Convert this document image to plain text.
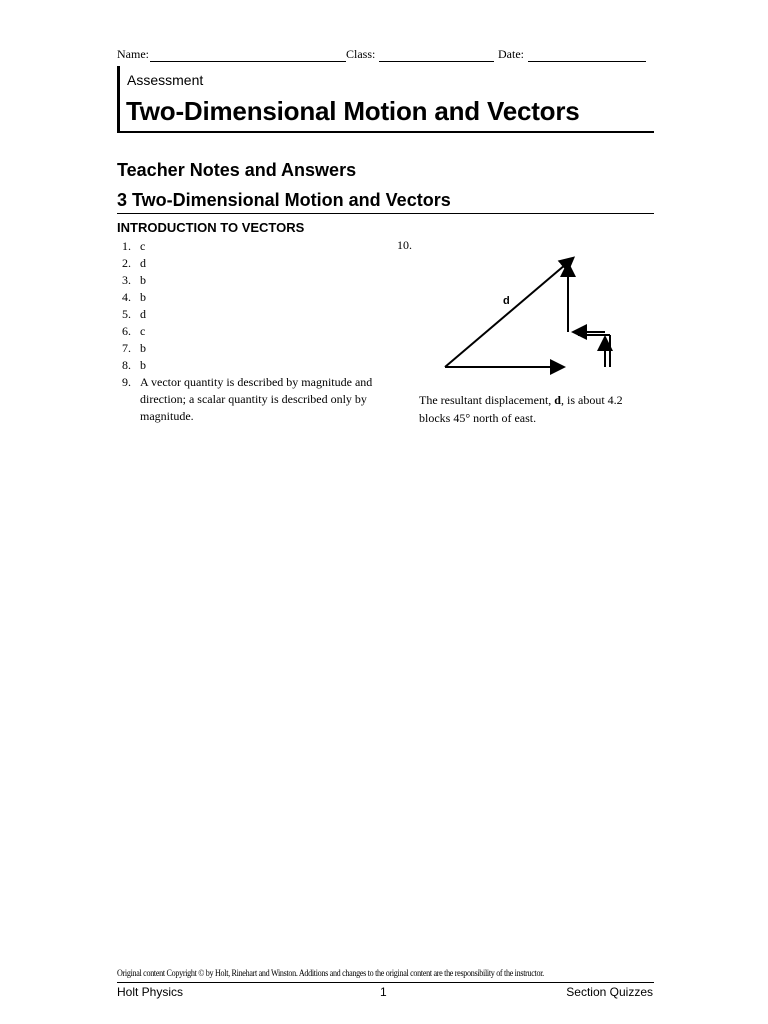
Name:	Class:	Date:
Assessment
Two-Dimensional Motion and Vectors
Teacher Notes and Answers
3 Two-Dimensional Motion and Vectors
INTRODUCTION TO VECTORS
1. c
2. d
3. b
4. b
5. d
6. c
7. b
8. b
9. A vector quantity is described by magnitude and direction; a scalar quantity is described only by magnitude.
10.
d
The resultant displacement, d, is about 4.2 blocks 45° north of east.
Original content Copyright © by Holt, Rinehart and Winston. Additions and changes to the original content are the responsibility of the instructor.
Holt Physics	1	Section Quizzes
